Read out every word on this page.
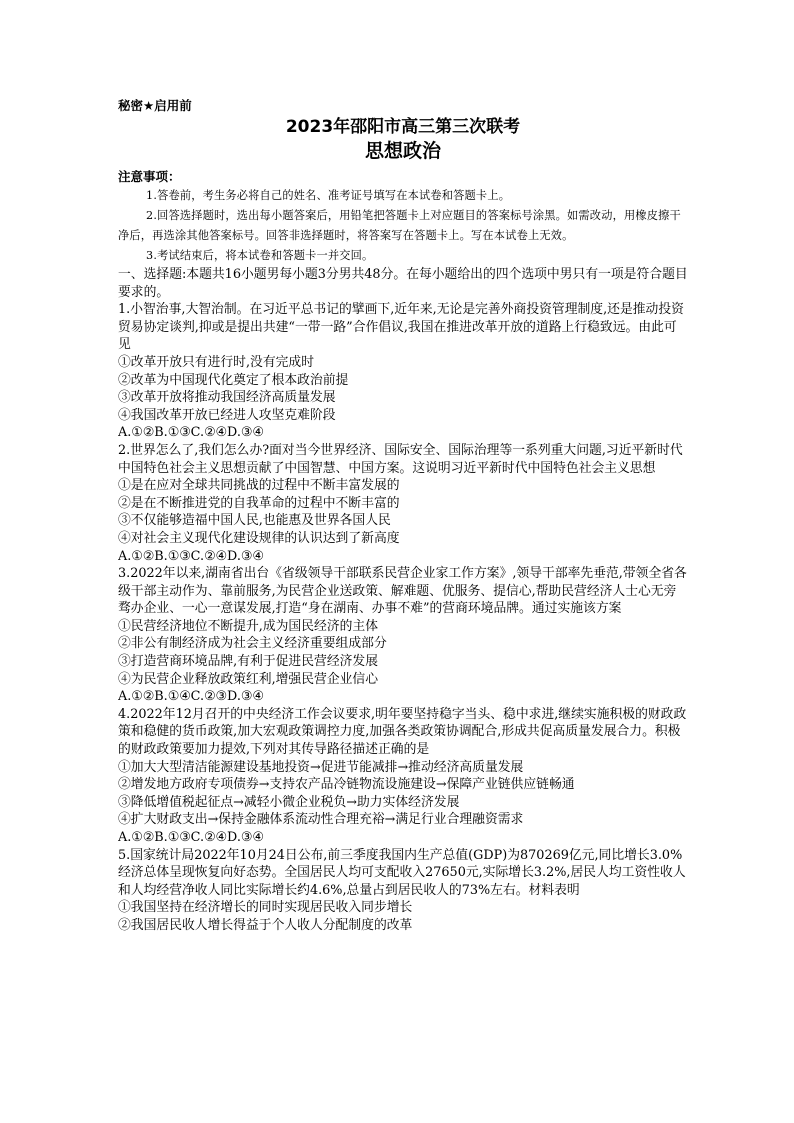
秘密★启用前
2023年邵阳市高三第三次联考
思想政治
注意事项：
1.答卷前，考生务必将自己的姓名、准考证号填写在本试卷和答题卡上。
2.回答选择题时，选出每小题答案后，用铅笔把答题卡上对应题目的答案标号涂黑。如需改动，用橡皮擦干净后，再选涂其他答案标号。回答非选择题时，将答案写在答题卡上。写在本试卷上无效。
3.考试结束后，将本试卷和答题卡一并交回。
一、选择题:本题共16小题男每小题3分男共48分。在每小题给出的四个选项中男只有一项是符合题目要求的。
1.小智治事,大智治制。在习近平总书记的擘画下,近年来,无论是完善外商投资管理制度,还是推动投资贸易协定谈判,抑或是提出共建“一带一路”合作倡议,我国在推进改革开放的道路上行稳致远。由此可见
①改革开放只有进行时,没有完成时
②改革为中国现代化奠定了根本政治前提
③改革开放将推动我国经济高质量发展
④我国改革开放已经进人攻坚克难阶段
A.①②B.①③C.②④D.③④
2.世界怎么了,我们怎么办?面对当今世界经济、国际安全、国际治理等一系列重大问题,习近平新时代中国特色社会主义思想贡献了中国智慧、中国方案。这说明习近平新时代中国特色社会主义思想
①是在应对全球共同挑战的过程中不断丰富发展的
②是在不断推进党的自我革命的过程中不断丰富的
③不仅能够造福中国人民,也能惠及世界各国人民
④对社会主义现代化建设规律的认识达到了新高度
A.①②B.①③C.②④D.③④
3.2022年以来,湖南省出台《省级领导干部联系民营企业家工作方案》,领导干部率先垂范,带领全省各级干部主动作为、靠前服务,为民营企业送政策、解难题、优服务、提信心,帮助民营经济人士心无旁骛办企业、一心一意谋发展,打造“身在湖南、办事不难”的营商环境品牌。通过实施该方案
①民营经济地位不断提升,成为国民经济的主体
②非公有制经济成为社会主义经济重要组成部分
③打造营商环境品牌,有利于促进民营经济发展
④为民营企业释放政策红利,增强民营企业信心
A.①②B.①④C.②③D.③④
4.2022年12月召开的中央经济工作会议要求,明年要坚持稳字当头、稳中求进,继续实施积极的财政政策和稳健的货币政策,加大宏观政策调控力度,加强各类政策协调配合,形成共促高质量发展合力。积极的财政政策要加力提效,下列对其传导路径描述正确的是
①加大大型清洁能源建设基地投资→促进节能减排→推动经济高质量发展
②增发地方政府专项债券→支持农产品冷链物流设施建设→保障产业链供应链畅通
③降低增值税起征点→减轻小微企业税负→助力实体经济发展
④扩大财政支出→保持金融体系流动性合理充裕→满足行业合理融资需求
A.①②B.①③C.②④D.③④
5.国家统计局2022年10月24日公布,前三季度我国内生产总值(GDP)为870269亿元,同比增长3.0%经济总体呈现恢复向好态势。全国居民人均可支配收入27650元,实际增长3.2%,居民人均工资性收人和人均经营净收人同比实际增长约4.6%,总量占到居民收人的73%左右。材料表明
①我国坚持在经济增长的同时实现居民收入同步增长
②我国居民收人增长得益于个人收人分配制度的改革
